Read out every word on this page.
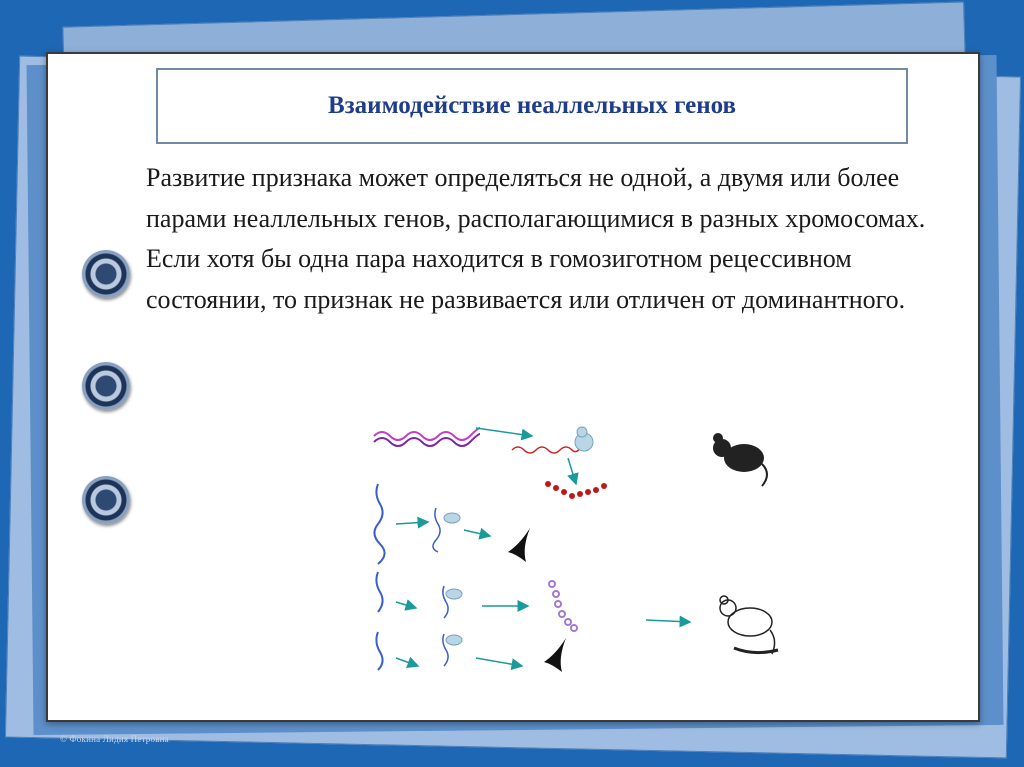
Взаимодействие неаллельных генов
Развитие признака может определяться не одной, а двумя или более парами неаллельных генов, располагающимися в разных хромосомах. Если хотя бы одна пара находится в гомозиготном рецессивном состоянии, то признак не развивается или отличен от доминантного.
© Фокина Лидия Петровна
